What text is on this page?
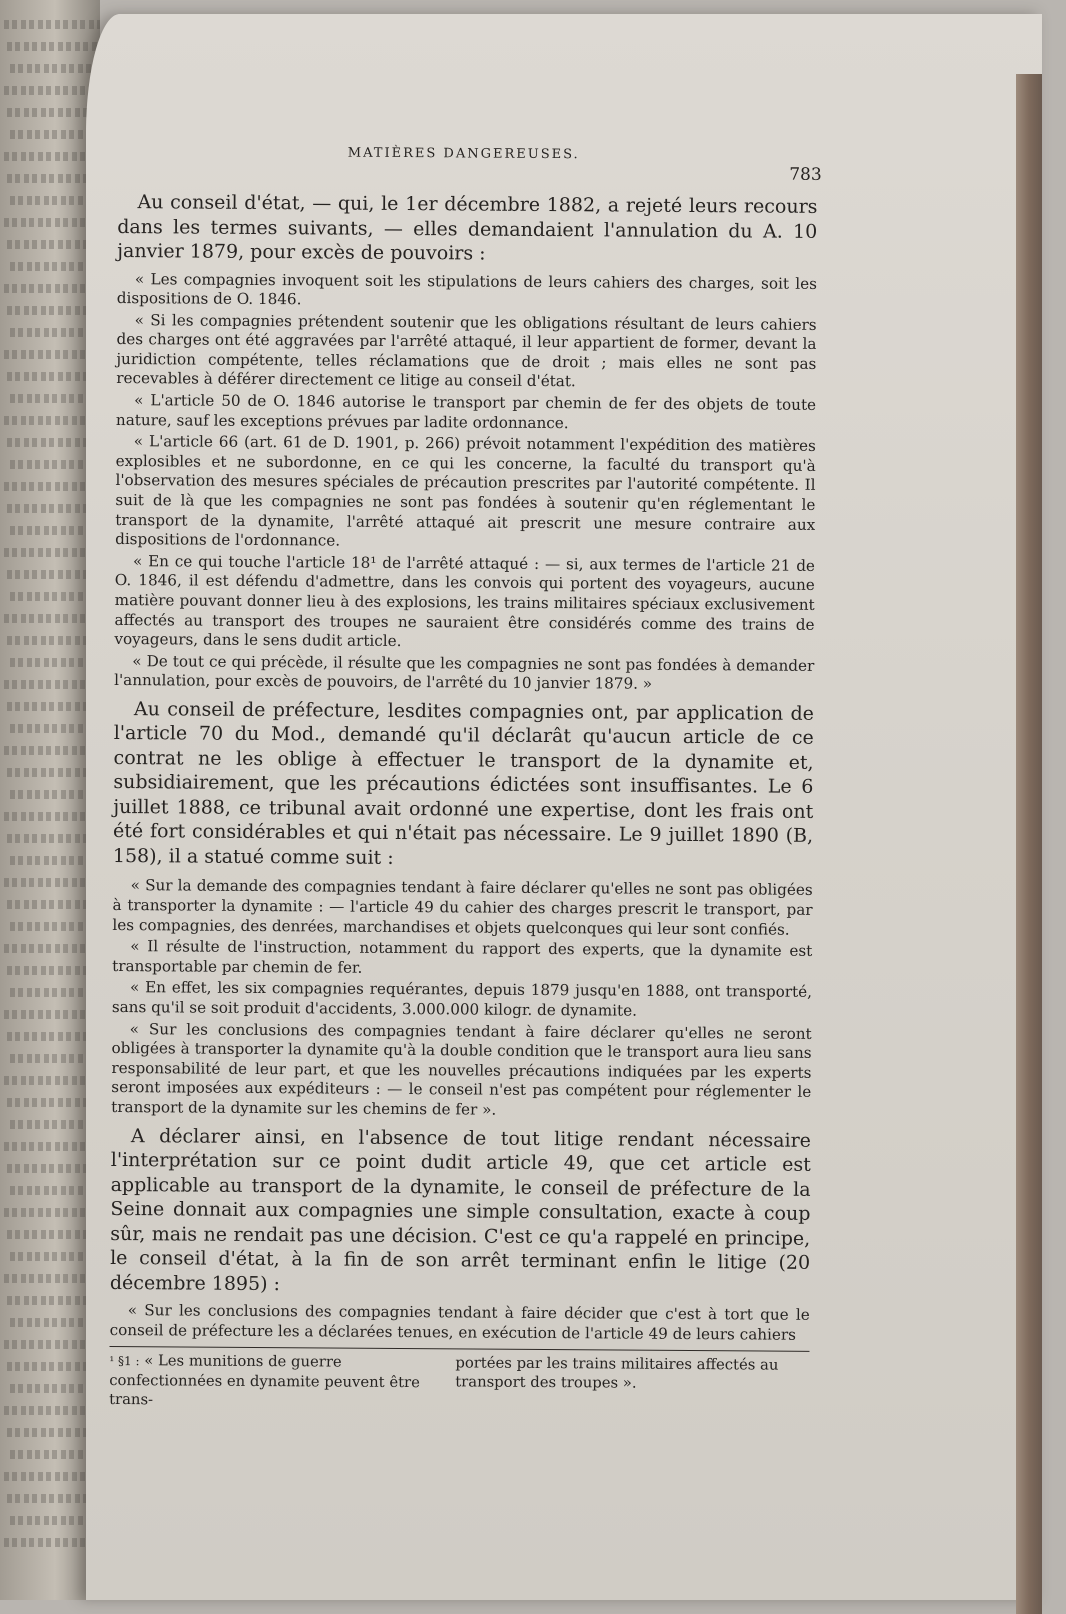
MATIÈRES DANGEREUSES.
783

Au conseil d'état, — qui, le 1er décembre 1882, a rejeté leurs recours dans les termes suivants, — elles demandaient l'annulation du A. 10 janvier 1879, pour excès de pouvoirs :

« Les compagnies invoquent soit les stipulations de leurs cahiers des charges, soit les dispositions de O. 1846.

« Si les compagnies prétendent soutenir que les obligations résultant de leurs cahiers des charges ont été aggravées par l'arrêté attaqué, il leur appartient de former, devant la juridiction compétente, telles réclamations que de droit ; mais elles ne sont pas recevables à déférer directement ce litige au conseil d'état.

« L'article 50 de O. 1846 autorise le transport par chemin de fer des objets de toute nature, sauf les exceptions prévues par ladite ordonnance.

« L'article 66 (art. 61 de D. 1901, p. 266) prévoit notamment l'expédition des matières explosibles et ne subordonne, en ce qui les concerne, la faculté du transport qu'à l'observation des mesures spéciales de précaution prescrites par l'autorité compétente. Il suit de là que les compagnies ne sont pas fondées à soutenir qu'en réglementant le transport de la dynamite, l'arrêté attaqué ait prescrit une mesure contraire aux dispositions de l'ordonnance.

« En ce qui touche l'article 18¹ de l'arrêté attaqué : — si, aux termes de l'article 21 de O. 1846, il est défendu d'admettre, dans les convois qui portent des voyageurs, aucune matière pouvant donner lieu à des explosions, les trains militaires spéciaux exclusivement affectés au transport des troupes ne sauraient être considérés comme des trains de voyageurs, dans le sens dudit article.

« De tout ce qui précède, il résulte que les compagnies ne sont pas fondées à demander l'annulation, pour excès de pouvoirs, de l'arrêté du 10 janvier 1879. »

Au conseil de préfecture, lesdites compagnies ont, par application de l'article 70 du Mod., demandé qu'il déclarât qu'aucun article de ce contrat ne les oblige à effectuer le transport de la dynamite et, subsidiairement, que les précautions édictées sont insuffisantes. Le 6 juillet 1888, ce tribunal avait ordonné une expertise, dont les frais ont été fort considérables et qui n'était pas nécessaire. Le 9 juillet 1890 (B, 158), il a statué comme suit :

« Sur la demande des compagnies tendant à faire déclarer qu'elles ne sont pas obligées à transporter la dynamite : — l'article 49 du cahier des charges prescrit le transport, par les compagnies, des denrées, marchandises et objets quelconques qui leur sont confiés.

« Il résulte de l'instruction, notamment du rapport des experts, que la dynamite est transportable par chemin de fer.

« En effet, les six compagnies requérantes, depuis 1879 jusqu'en 1888, ont transporté, sans qu'il se soit produit d'accidents, 3.000.000 kilogr. de dynamite.

« Sur les conclusions des compagnies tendant à faire déclarer qu'elles ne seront obligées à transporter la dynamite qu'à la double condition que le transport aura lieu sans responsabilité de leur part, et que les nouvelles précautions indiquées par les experts seront imposées aux expéditeurs : — le conseil n'est pas compétent pour réglementer le transport de la dynamite sur les chemins de fer ».

A déclarer ainsi, en l'absence de tout litige rendant nécessaire l'interprétation sur ce point dudit article 49, que cet article est applicable au transport de la dynamite, le conseil de préfecture de la Seine donnait aux compagnies une simple consultation, exacte à coup sûr, mais ne rendait pas une décision. C'est ce qu'a rappelé en principe, le conseil d'état, à la fin de son arrêt terminant enfin le litige (20 décembre 1895) :

« Sur les conclusions des compagnies tendant à faire décider que c'est à tort que le conseil de préfecture les a déclarées tenues, en exécution de l'article 49 de leurs cahiers

¹ §1 : « Les munitions de guerre confectionnées en dynamite peuvent être trans-
portées par les trains militaires affectés au transport des troupes ».
